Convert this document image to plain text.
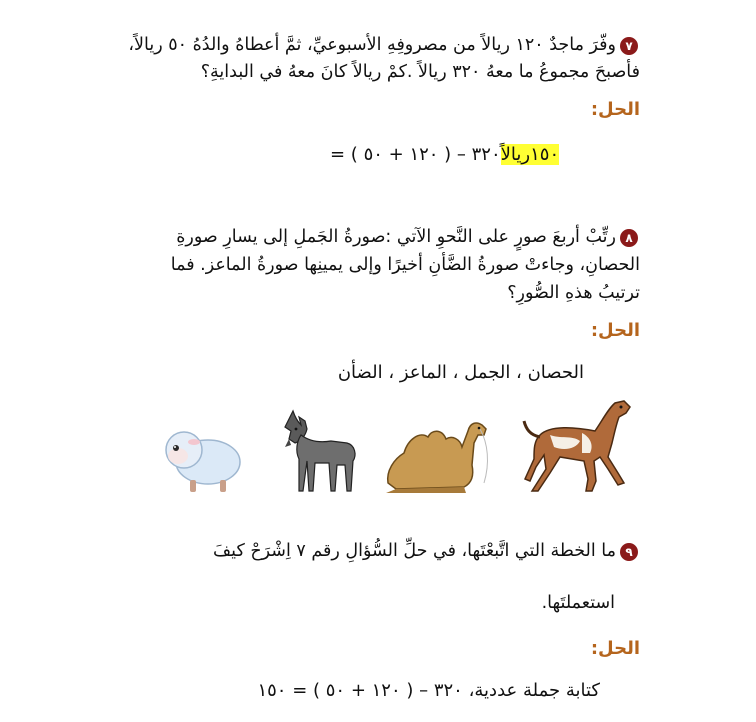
٧
وفّرَ ماجدٌ ١٢٠ ريالاً من مصروفِهِ الأسبوعيِّ، ثمَّ أعطاهُ والدُهُ ٥٠ ريالاً،
فأصبحَ مجموعُ ما معهُ ٣٢٠ ريالاً .كمْ ريالاً كانَ معهُ في البدايةِ؟
الحل:
١٥٠ريالاً٣٢٠ – ( ١٢٠ + ٥٠ ) =
٨
رتِّبْ أربعَ صورٍ على النَّحوِ الآتي :صورةُ الجَملِ إلى يسارِ صورةِ
الحصانِ، وجاءتْ صورةُ الضَّأنِ أخيرًا وإلى يمينِها صورةُ الماعز. فما
ترتيبُ هذهِ الصُّورِ؟
الحل:
الحصان ، الجمل ، الماعز ، الضأن
٩
ما الخطة التي اتَّبعْتَها، في حلِّ السُّؤالِ رقم ٧ اِشْرَحْ كيفَ
استعملتَها.
الحل:
كتابة جملة عددية، ٣٢٠ – ( ١٢٠ + ٥٠ ) = ١٥٠
